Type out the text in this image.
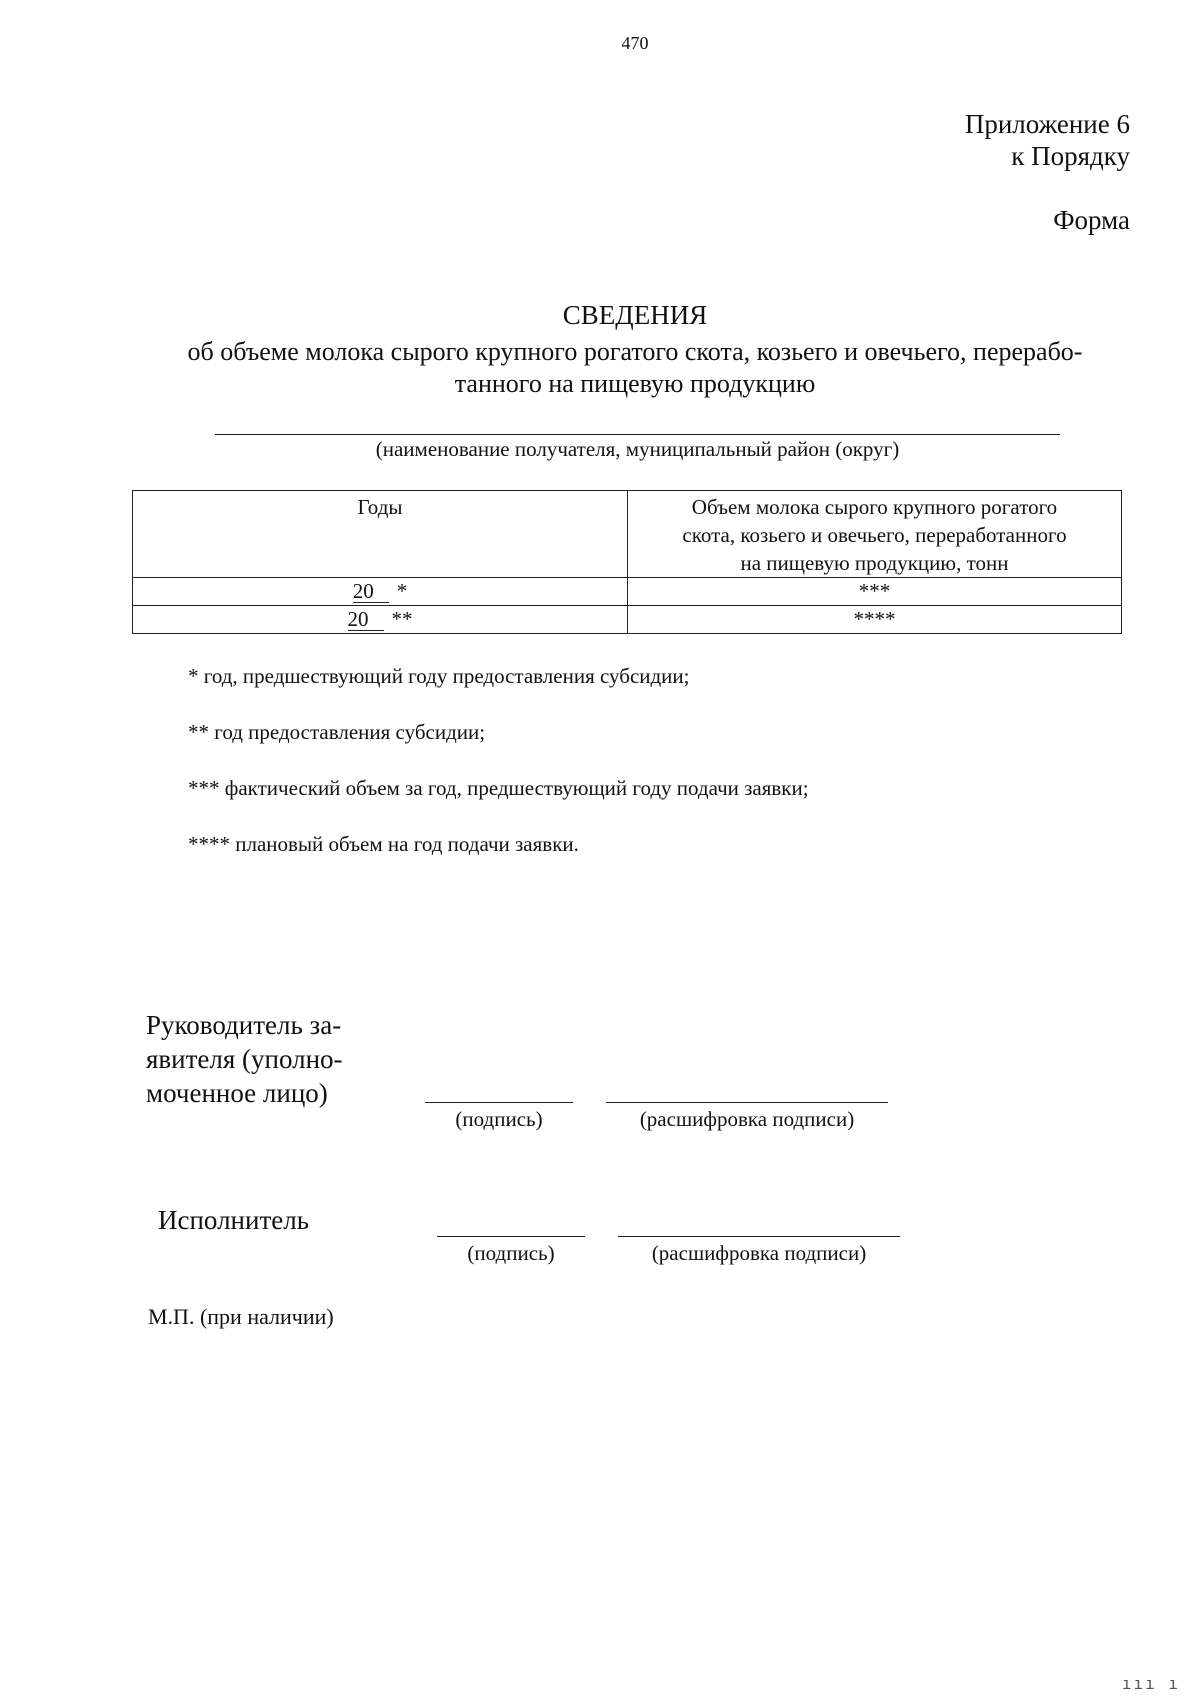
470
Приложение 6
к Порядку
Форма
СВЕДЕНИЯ
об объеме молока сырого крупного рогатого скота, козьего и овечьего, перерабо-
танного на пищевую продукцию
(наименование получателя, муниципальный район (округ)
Годы	Объем молока сырого крупного рогатого
скота, козьего и овечьего, переработанного
на пищевую продукцию, тонн

20 *	***
20 **	****

* год, предшествующий году предоставления субсидии;

** год предоставления субсидии;

*** фактический объем за год, предшествующий году подачи заявки;

**** плановый объем на год подачи заявки.

Руководитель за-
явителя (уполно-
моченное лицо)
(подпись)	(расшифровка подписи)
Исполнитель
(подпись)	(расшифровка подписи)
М.П. (при наличии)
ııı ı
